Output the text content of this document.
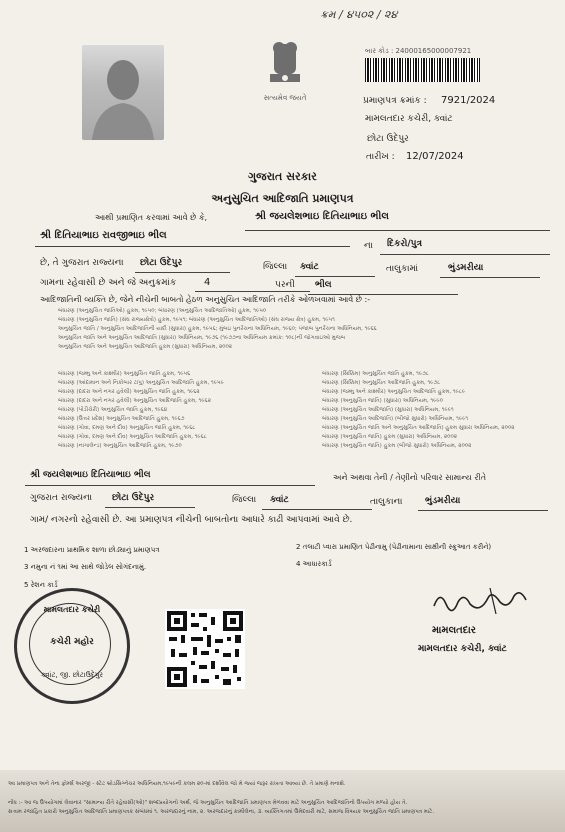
ક્રમ / ૪૫૦૨ / ૨૪
સત્યમેવ જયતે
બાર કોડ : 24000165000007921
પ્રમાણપત્ર ક્રમાંક : 7921/2024
મામલતદાર કચેરી, ક્વાંટ
છોટા ઉદેપુર
તારીખ : 12/07/2024
ગુજરાત સરકાર
અનુસુચિત આદિજાતિ પ્રમાણપત્ર
આથી પ્રમાણિત કરવામાં આવે છે કે,	શ્રી જયલેશભાઇ દિતિયાભાઇ ભીલ
શ્રી દિતિયાભાઇ રાવજીભાઇ ભીલ
ના દિકરો/પુત્ર
છે, તે ગુજરાત રાજ્યના છોટા ઉદેપુર	જિલ્લા ક્વાંટ	તાલુકામાં	ભુંડમરીયા
ગામના રહેવાસી છે અને જે અનુક્રમાંક	4	પરની ભીલ
આદિજાતિની વ્યક્તિ છે, જેને નીચેની બાબતો હેઠળ અનુસુચિત આદિજાતિ તરીકે ઓળખવામાં આવે છે :-
બંધારણ (અનુસુચિત જાતિઓ) હુકમ, ૧૯૫૦; બંધારણ (અનુસુચિત આદિજાતિઓ) હુકમ, ૧૯૫૦
બંધારણ (અનુસુચિત જાતિ) (સંઘ રાજ્યક્ષેત્રો) હુકમ, ૧૯૫૧; બંધારણ (અનુસુચિત આદિજાતિઓ) (સંઘ રાજ્ય ક્ષેત્ર) હુકમ, ૧૯૫૧
અનુસુચિત જાતિ / અનુસુચિત આદિજાતિની યાદી (સુધારા) હુકમ, ૧૯૫૬; મુંબઇ પુનર્રચના અધિનિયમ, ૧૯૬૦; પંજાબ પુનર્રચના અધિનિયમ, ૧૯૬૬
અનુસુચિત જાતિ અને અનુસુચિત આદિજાતિ (સુધારા) અધિનિયમ, ૧૯૭૬ (૧૯૭૭ના અધિનિયમ ક્રમાંક: ૧૦૮)ની જોગવાઇઓ મુજબ
અનુસુચિત જાતિ અને અનુસુચિત આદિજાતિ હુકમ (સુધારા) અધિનિયમ, ૨૦૦૨
બંધારણ (જમ્મુ અને કાશ્મીર) અનુસુચિત જાતિ હુકમ, ૧૯૫૬
બંધારણ (આંદામાન અને નિકોબાર ટાપુ) અનુસુચિત આદિજાતિ હુકમ, ૧૯૫૯
બંધારણ (દાદરા અને નગર હવેલી) અનુસુચિત જાતિ હુકમ, ૧૯૬૨
બંધારણ (દાદરા અને નગર હવેલી) અનુસુચિત આદિજાતિ હુકમ, ૧૯૬૨
બંધારણ (પોંડીચેરી) અનુસુચિત જાતિ હુકમ, ૧૯૬૪
બંધારણ (ઉત્તર પ્રદેશ) અનુસુચિત આદિજાતિ હુકમ, ૧૯૬૭
બંધારણ (ગોવા, દમણ અને દીવ) અનુસુચિત જાતિ હુકમ, ૧૯૬૮
બંધારણ (ગોવા, દમણ અને દીવ) અનુસુચિત આદિજાતિ હુકમ, ૧૯૬૮
બંધારણ (નાગાલેન્ડ) અનુસુચિત આદિજાતિ હુકમ, ૧૯૭૦
બંધારણ (સિક્કિમ) અનુસુચિત જાતિ હુકમ, ૧૯૭૮
બંધારણ (સિક્કિમ) અનુસુચિત આદિજાતિ હુકમ, ૧૯૭૮
બંધારણ (જમ્મુ અને કાશ્મીર) અનુસુચિત આદિજાતિ હુકમ, ૧૯૮૯
બંધારણ (અનુસુચિત જાતિ) (સુધારા) અધિનિયમ, ૧૯૯૦
બંધારણ (અનુસુચિત આદિજાતિ) (સુધારા) અધિનિયમ, ૧૯૯૧
બંધારણ (અનુસુચિત આદિજાતિ) (બીજો સુધારો) અધિનિયમ, ૧૯૯૧
બંધારણ (અનુસુચિત જાતિ અને અનુસુચિત આદિજાતિ) હુકમ સુધારા અધિનિયમ, ૨૦૦૨
બંધારણ (અનુસુચિત જાતિ) હુકમ (સુધારા) અધિનિયમ, ૨૦૦૨
બંધારણ (અનુસુચિત જાતિ) હુકમ (બીજો સુધારો) અધિનિયમ, ૨૦૦૨
શ્રી જયલેશભાઇ દિતિયાભાઇ ભીલ	અને અથવા તેની / તેણીનો પરિવાર સામાન્ય રીતે
ગુજરાત રાજ્યના છોટા ઉદેપુર	જિલ્લા ક્વાંટ	તાલુકાના	ભુંડમરીયા
ગામ/ નગરનો રહેવાસી છે. આ પ્રમાણપત્ર નીચેની બાબતોના આધારે કાઢી આપવામાં આવે છે.
1 અરજદારના પ્રાથમિક શાળા છોડ્યાનું પ્રમાણપત્ર	2 તલાટી પ્વારા પ્રમાણિત પેઢીનામુ (પેઢીનામાના સાક્ષીની સ્ક્રુઆત કરીને)
3 નમુના નં ૧માં આ સાથે જોડેલ સોગંદનામું.	4 આધારકાર્ડ
5 રેશન કાર્ડ
મામલતદાર કચેરી
કચેરી મહોર
ક્વાંટ, જી. છોટાઉદેપુર
મામલતદાર
મામલતદાર કચેરી, ક્વાંટ
આ પ્રમાણપત્ર અને તેના ફોર્મ્સ અરજી - સ્ટેટ બ્રોડસિગ્નેચર અધિનિયમ,૧૯૫૯ની કલમ ૨૦-માં દર્શાવેલ જો મે જ્યાં જરૂર રાખતા આવ્યા છે. તે પ્રમાણે મનાશે.
નોંધ :- આ જ ઉપયોગમાં લેવાનાર "સામાન્ય રીતે રહેવાસી(ઓ)" શબ્દપ્રયોગનો અર્થ, જે અનુસુચિત આદિજાતિ પ્રમાણપત્ર મેળવવા માટે અનુસુચિત આદિજાતિનો ઉપયોગ મળ્યો હોય તે.
સત્તામ રજાહિત પ્રકારો અનુસુચિત આદિજાતિ પ્રમાણપત્રક સંબંધમાં ૧. અરજદારનું નામ, ૨. અરજદારનું કામીલેના, ૩. વ્યક્તિગતમાં ઉમેદવારી માટે, સમાજ વિષયક અનુસુચિત જાતિ પ્રમાણપત્ર માટે.
